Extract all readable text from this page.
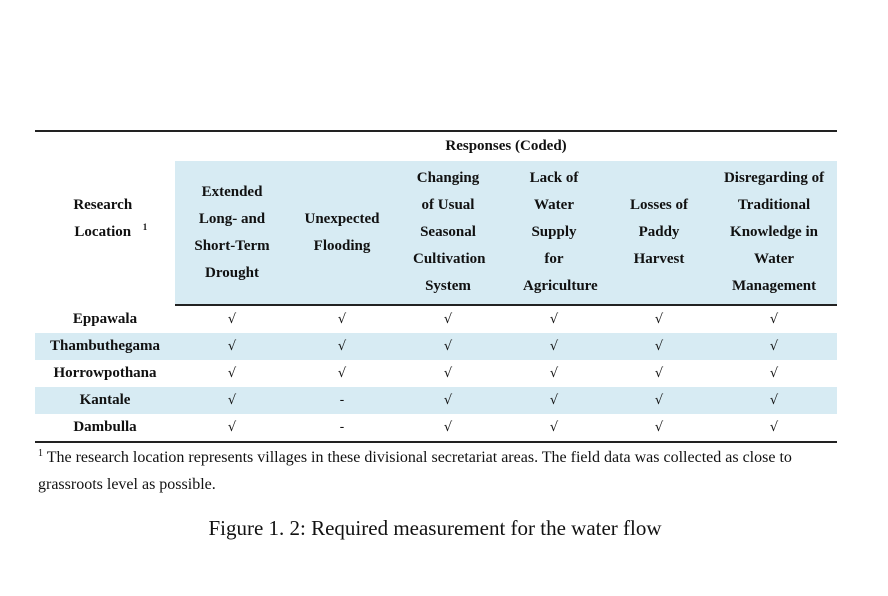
Research Location $^1$	Responses (Coded)					
	Extended Long- and Short-Term Drought	Unexpected Flooding	Changing of Usual Seasonal Cultivation System	Lack of Water Supply for Agriculture	Losses of Paddy Harvest	Disregarding of Traditional Knowledge in Water Management
Eppawala	√	√	√	√	√	√
Thambuthegama	√	√	√	√	√	√
Horrowpothana	√	√	√	√	√	√
Kantale	√	-	√	√	√	√
Dambulla	√	-	√	√	√	√
$^1$ The research location represents villages in these divisional secretariat areas. The field data was collected as close to grassroots level as possible.
Figure 1. 2: Required measurement for the water flow
